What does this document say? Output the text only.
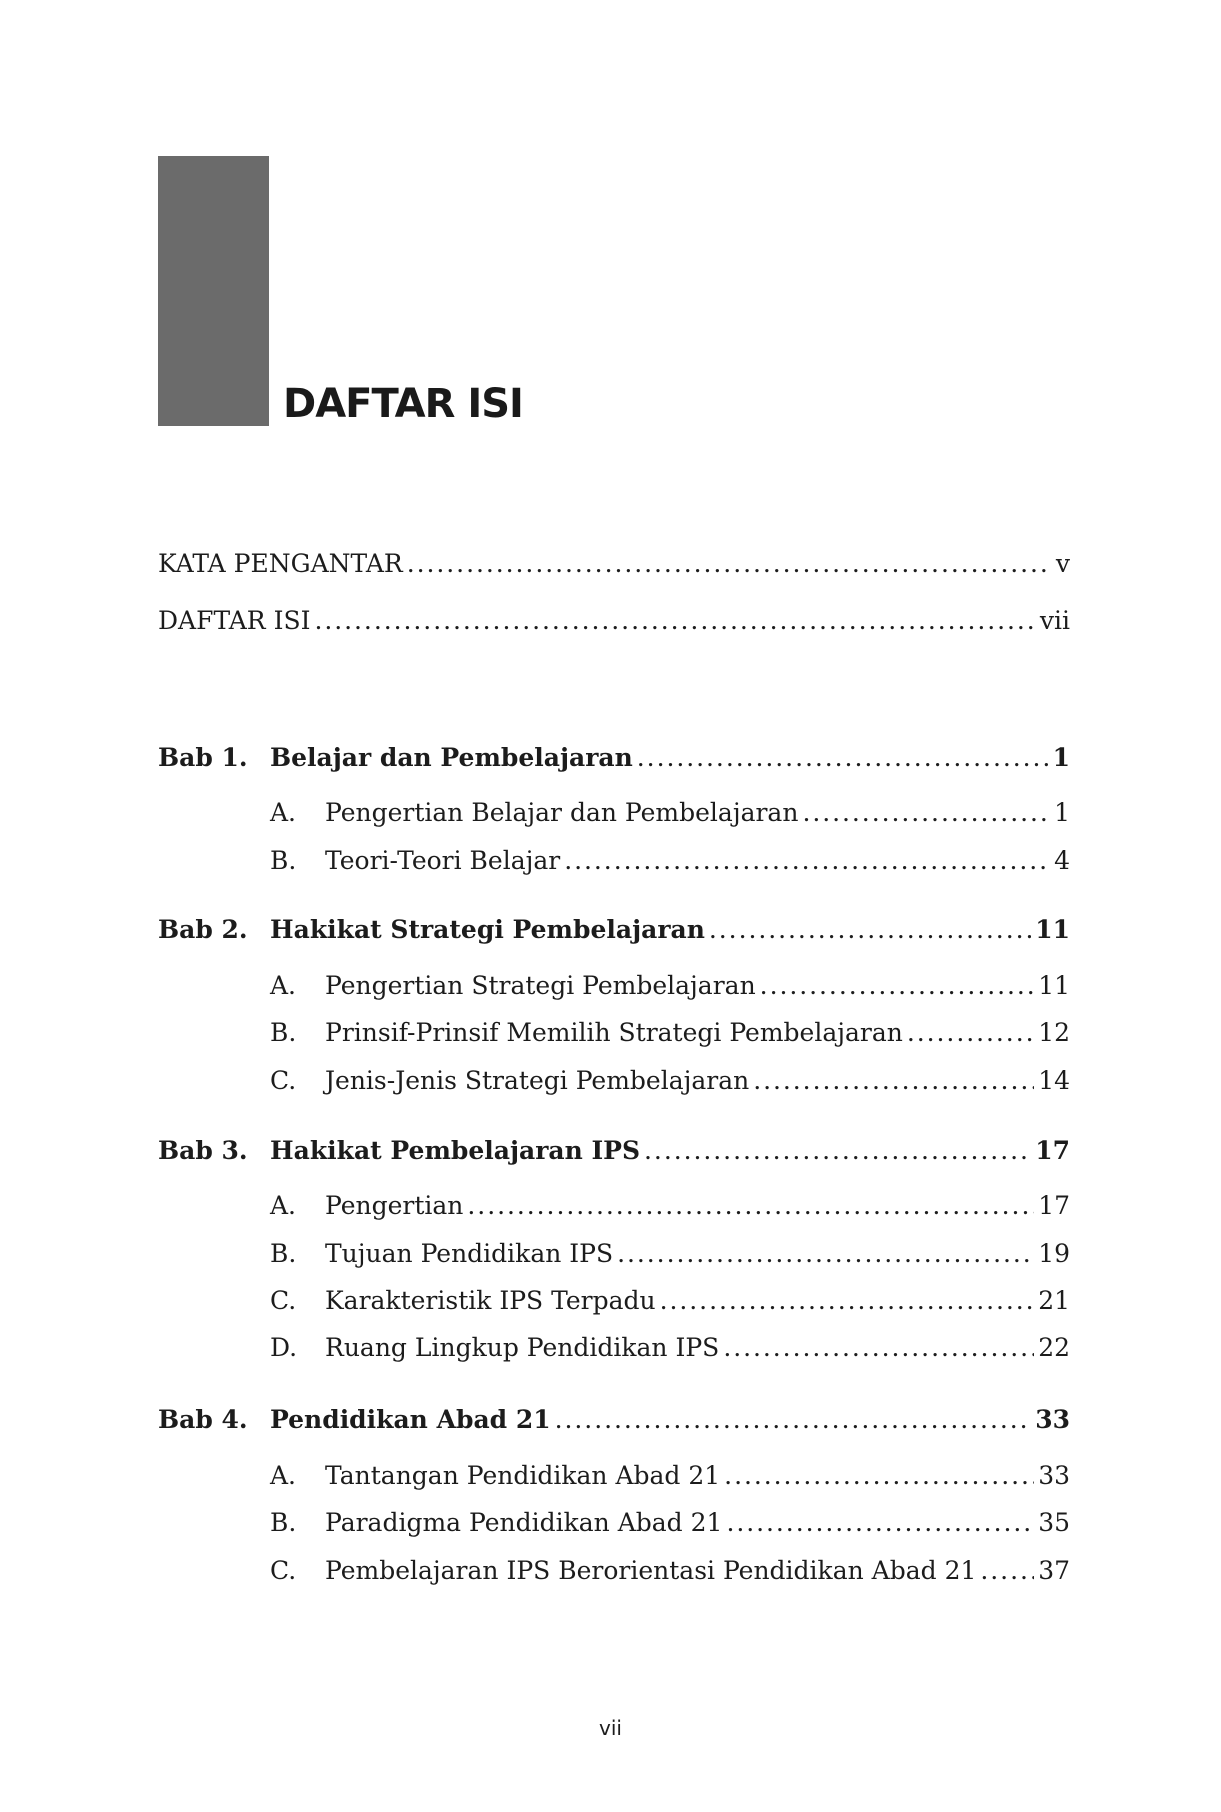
DAFTAR ISI
KATA PENGANTAR . . .	v
DAFTAR ISI . . .	vii
Bab 1. Belajar dan Pembelajaran . . .	1
A.	Pengertian Belajar dan Pembelajaran . . .	1
B.	Teori-Teori Belajar . . .	4
Bab 2. Hakikat Strategi Pembelajaran . . .	11
A.	Pengertian Strategi Pembelajaran . . .	11
B.	Prinsif-Prinsif Memilih Strategi Pembelajaran . . .	12
C.	Jenis-Jenis Strategi Pembelajaran . . .	14
Bab 3. Hakikat Pembelajaran IPS . . .	17
A.	Pengertian . . .	17
B.	Tujuan Pendidikan IPS . . .	19
C.	Karakteristik IPS Terpadu . . .	21
D.	Ruang Lingkup Pendidikan IPS . . .	22
Bab 4. Pendidikan Abad 21 . . .	33
A.	Tantangan Pendidikan Abad 21 . . .	33
B.	Paradigma Pendidikan Abad 21 . . .	35
C.	Pembelajaran IPS Berorientasi Pendidikan Abad 21 . . . 37
vii
